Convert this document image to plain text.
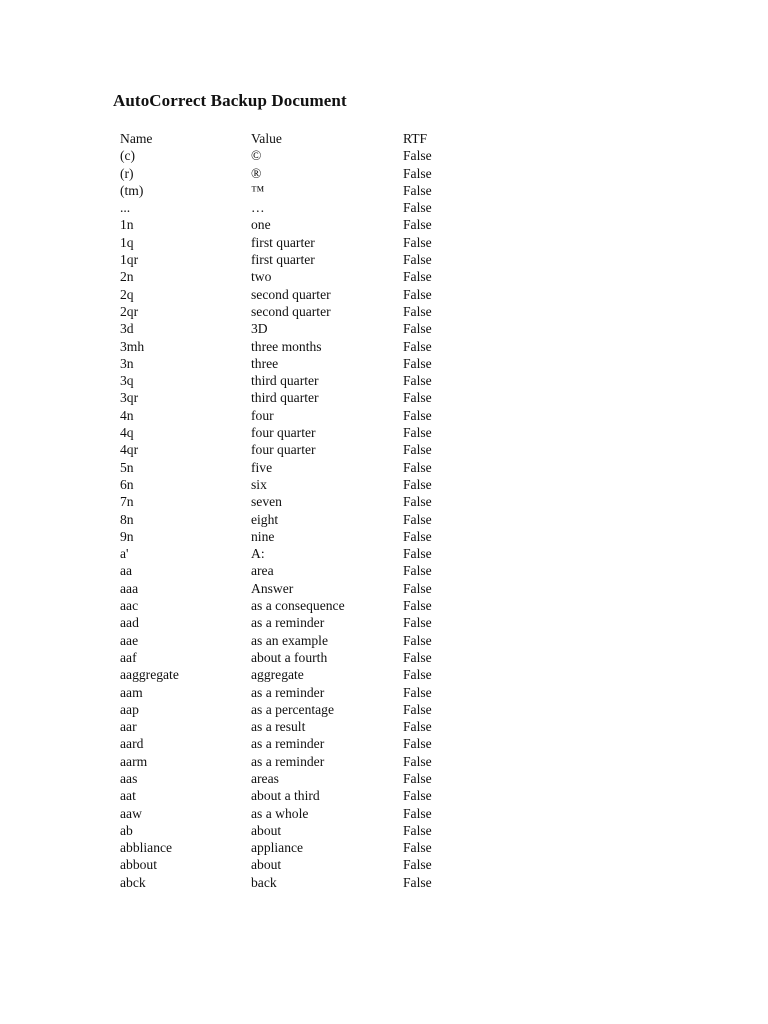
AutoCorrect Backup Document
Name	Value	RTF
(c)	©	False
(r)	®	False
(tm)	™	False
...	…	False
1n	one	False
1q	first quarter	False
1qr	first quarter	False
2n	two	False
2q	second quarter	False
2qr	second quarter	False
3d	3D	False
3mh	three months	False
3n	three	False
3q	third quarter	False
3qr	third quarter	False
4n	four	False
4q	four quarter	False
4qr	four quarter	False
5n	five	False
6n	six	False
7n	seven	False
8n	eight	False
9n	nine	False
a'	A:	False
aa	area	False
aaa	Answer	False
aac	as a consequence	False
aad	as a reminder	False
aae	as an example	False
aaf	about a fourth	False
aaggregate	aggregate	False
aam	as a reminder	False
aap	as a percentage	False
aar	as a result	False
aard	as a reminder	False
aarm	as a reminder	False
aas	areas	False
aat	about a third	False
aaw	as a whole	False
ab	about	False
abbliance	appliance	False
abbout	about	False
abck	back	False
